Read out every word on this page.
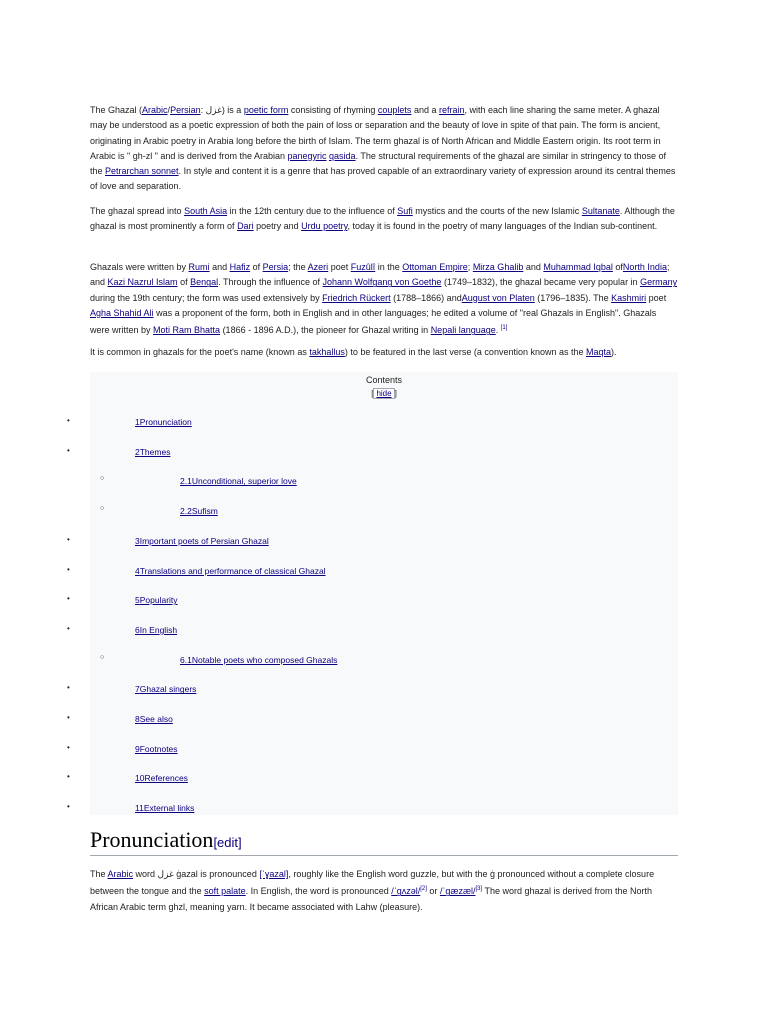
The Ghazal (Arabic/Persian: غزل) is a poetic form consisting of rhyming couplets and a refrain, with each line sharing the same meter. A ghazal may be understood as a poetic expression of both the pain of loss or separation and the beauty of love in spite of that pain. The form is ancient, originating in Arabic poetry in Arabia long before the birth of Islam. The term ghazal is of North African and Middle Eastern origin. Its root term in Arabic is " gh-zl " and is derived from the Arabian panegyric qasida. The structural requirements of the ghazal are similar in stringency to those of the Petrarchan sonnet. In style and content it is a genre that has proved capable of an extraordinary variety of expression around its central themes of love and separation.

The ghazal spread into South Asia in the 12th century due to the influence of Sufi mystics and the courts of the new Islamic Sultanate. Although the ghazal is most prominently a form of Dari poetry and Urdu poetry, today it is found in the poetry of many languages of the Indian sub-continent.

Ghazals were written by Rumi and Hafiz of Persia; the Azeri poet Fuzûlî in the Ottoman Empire; Mirza Ghalib and Muhammad Iqbal ofNorth India; and Kazi Nazrul Islam of Bengal. Through the influence of Johann Wolfgang von Goethe (1749–1832), the ghazal became very popular in Germany during the 19th century; the form was used extensively by Friedrich Rückert (1788–1866) andAugust von Platen (1796–1835). The Kashmiri poet Agha Shahid Ali was a proponent of the form, both in English and in other languages; he edited a volume of "real Ghazals in English". Ghazals were written by Moti Ram Bhatta (1866 - 1896 A.D.), the pioneer for Ghazal writing in Nepali language. [1]

It is common in ghazals for the poet's name (known as takhallus) to be featured in the last verse (a convention known as the Maqta).

Contents
hide ]
•	1Pronunciation
•	2Themes
○	2.1Unconditional, superior love
○	2.2Sufism
•	3Important poets of Persian Ghazal
•	4Translations and performance of classical Ghazal
•	5Popularity
•	6In English
○	6.1Notable poets who composed Ghazals
•	7Ghazal singers
•	8See also
•	9Footnotes
•	10References
•	11External links
Pronunciation[edit]

The Arabic word غزل ġazal is pronounced [ˈɣazal], roughly like the English word guzzle, but with the ġ pronounced without a complete closure between the tongue and the soft palate. In English, the word is pronounced /ˈɡʌzəl/[2] or /ˈɡæzæl/[3] The word ghazal is derived from the North African Arabic term ghzl, meaning yarn. It became associated with Lahw (pleasure).
